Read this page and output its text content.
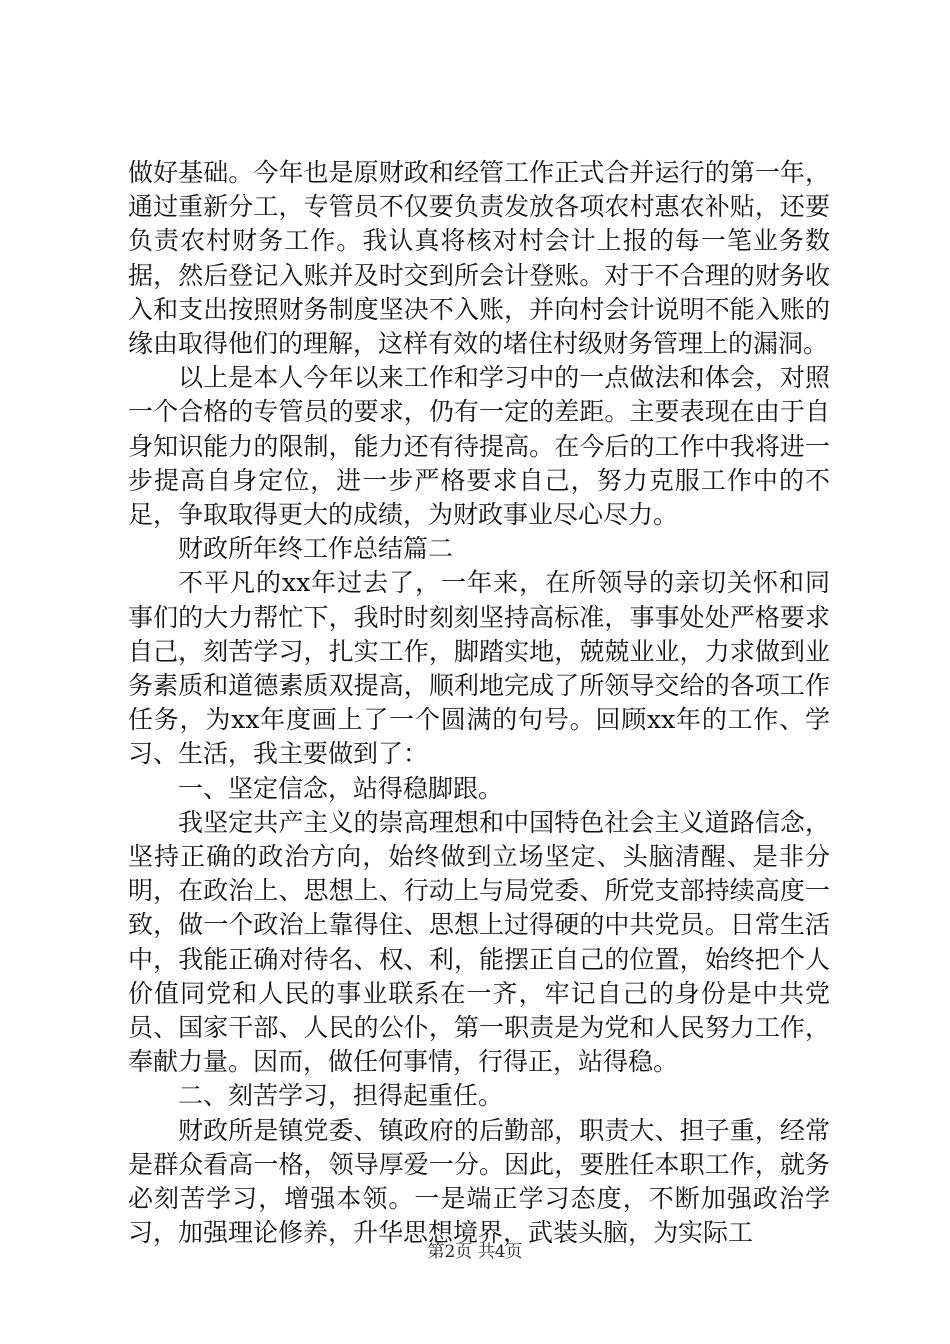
做好基础。今年也是原财政和经管工作正式合并运行的第一年，通过重新分工，专管员不仅要负责发放各项农村惠农补贴，还要负责农村财务工作。我认真将核对村会计上报的每一笔业务数据，然后登记入账并及时交到所会计登账。对于不合理的财务收入和支出按照财务制度坚决不入账，并向村会计说明不能入账的缘由取得他们的理解，这样有效的堵住村级财务管理上的漏洞。

以上是本人今年以来工作和学习中的一点做法和体会，对照一个合格的专管员的要求，仍有一定的差距。主要表现在由于自身知识能力的限制，能力还有待提高。在今后的工作中我将进一步提高自身定位，进一步严格要求自己，努力克服工作中的不足，争取取得更大的成绩，为财政事业尽心尽力。

财政所年终工作总结篇二

不平凡的xx年过去了，一年来，在所领导的亲切关怀和同事们的大力帮忙下，我时时刻刻坚持高标准，事事处处严格要求自己，刻苦学习，扎实工作，脚踏实地，兢兢业业，力求做到业务素质和道德素质双提高，顺利地完成了所领导交给的各项工作任务，为xx年度画上了一个圆满的句号。回顾xx年的工作、学习、生活，我主要做到了：

一、坚定信念，站得稳脚跟。

我坚定共产主义的崇高理想和中国特色社会主义道路信念，坚持正确的政治方向，始终做到立场坚定、头脑清醒、是非分明，在政治上、思想上、行动上与局党委、所党支部持续高度一致，做一个政治上靠得住、思想上过得硬的中共党员。日常生活中，我能正确对待名、权、利，能摆正自己的位置，始终把个人价值同党和人民的事业联系在一齐，牢记自己的身份是中共党员、国家干部、人民的公仆，第一职责是为党和人民努力工作，奉献力量。因而，做任何事情，行得正，站得稳。

二、刻苦学习，担得起重任。

财政所是镇党委、镇政府的后勤部，职责大、担子重，经常是群众看高一格，领导厚爱一分。因此，要胜任本职工作，就务必刻苦学习，增强本领。一是端正学习态度，不断加强政治学习，加强理论修养，升华思想境界，武装头脑，为实际工

第2页 共4页
